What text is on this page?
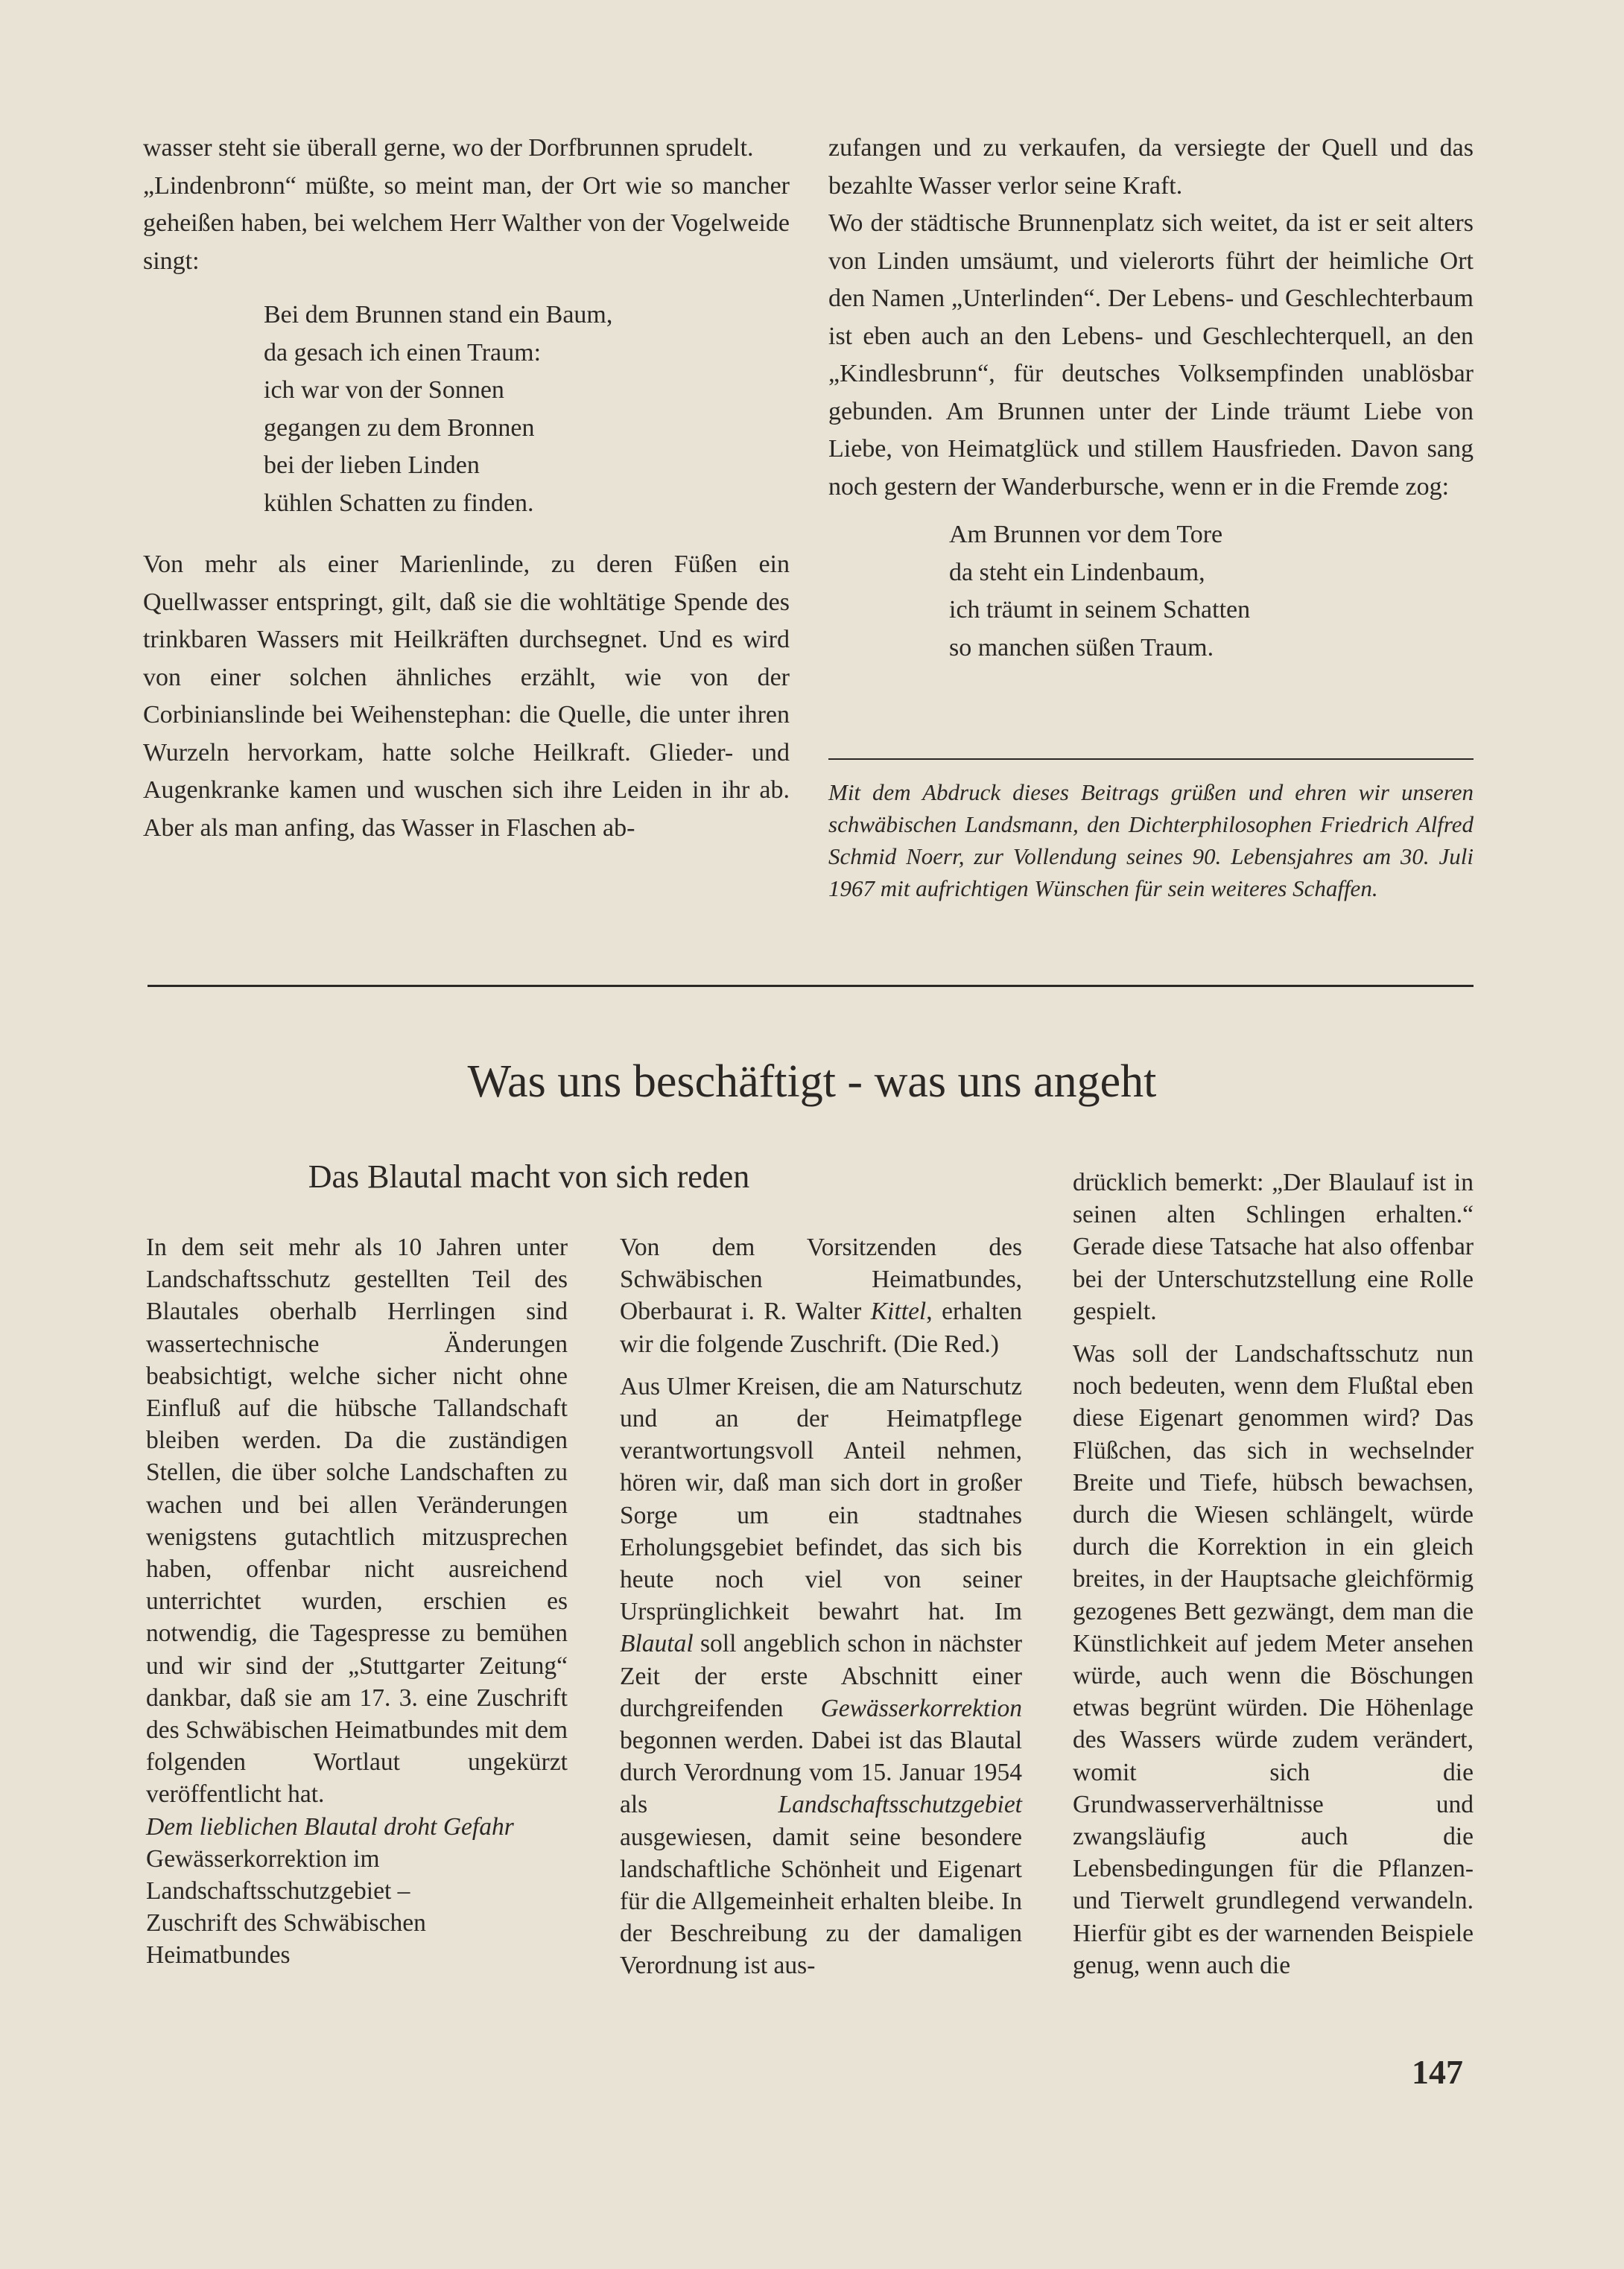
wasser steht sie überall gerne, wo der Dorfbrunnen sprudelt.

„Lindenbronn“ müßte, so meint man, der Ort wie so mancher geheißen haben, bei welchem Herr Walther von der Vogelweide singt:

Bei dem Brunnen stand ein Baum,
da gesach ich einen Traum:
ich war von der Sonnen
gegangen zu dem Bronnen
bei der lieben Linden
kühlen Schatten zu finden.

Von mehr als einer Marienlinde, zu deren Füßen ein Quellwasser entspringt, gilt, daß sie die wohltätige Spende des trinkbaren Wassers mit Heilkräften durchsegnet. Und es wird von einer solchen ähnliches erzählt, wie von der Corbinianslinde bei Weihenstephan: die Quelle, die unter ihren Wurzeln hervorkam, hatte solche Heilkraft. Glieder- und Augenkranke kamen und wuschen sich ihre Leiden in ihr ab. Aber als man anfing, das Wasser in Flaschen ab-

zufangen und zu verkaufen, da versiegte der Quell und das bezahlte Wasser verlor seine Kraft.

Wo der städtische Brunnenplatz sich weitet, da ist er seit alters von Linden umsäumt, und vielerorts führt der heimliche Ort den Namen „Unterlinden“. Der Lebens- und Geschlechterbaum ist eben auch an den Lebens- und Geschlechterquell, an den „Kindlesbrunn“, für deutsches Volksempfinden unablösbar gebunden. Am Brunnen unter der Linde träumt Liebe von Liebe, von Heimatglück und stillem Hausfrieden. Davon sang noch gestern der Wanderbursche, wenn er in die Fremde zog:

Am Brunnen vor dem Tore
da steht ein Lindenbaum,
ich träumt in seinem Schatten
so manchen süßen Traum.
Mit dem Abdruck dieses Beitrags grüßen und ehren wir unseren schwäbischen Landsmann, den Dichterphilosophen Friedrich Alfred Schmid Noerr, zur Vollendung seines 90. Lebensjahres am 30. Juli 1967 mit aufrichtigen Wünschen für sein weiteres Schaffen.
Was uns beschäftigt - was uns angeht
Das Blautal macht von sich reden

In dem seit mehr als 10 Jahren unter Landschaftsschutz gestellten Teil des Blautales oberhalb Herrlingen sind wassertechnische Änderungen beabsichtigt, welche sicher nicht ohne Einfluß auf die hübsche Tallandschaft bleiben werden. Da die zuständigen Stellen, die über solche Landschaften zu wachen und bei allen Veränderungen wenigstens gutachtlich mitzusprechen haben, offenbar nicht ausreichend unterrichtet wurden, erschien es notwendig, die Tagespresse zu bemühen und wir sind der „Stuttgarter Zeitung“ dankbar, daß sie am 17. 3. eine Zuschrift des Schwäbischen Heimatbundes mit dem folgenden Wortlaut ungekürzt veröffentlicht hat.

Dem lieblichen Blautal droht Gefahr

Gewässerkorrektion im
Landschaftsschutzgebiet –
Zuschrift des Schwäbischen
Heimatbundes

Von dem Vorsitzenden des Schwäbischen Heimatbundes, Oberbaurat i. R. Walter Kittel, erhalten wir die folgende Zuschrift. (Die Red.)

Aus Ulmer Kreisen, die am Naturschutz und an der Heimatpflege verantwortungsvoll Anteil nehmen, hören wir, daß man sich dort in großer Sorge um ein stadtnahes Erholungsgebiet befindet, das sich bis heute noch viel von seiner Ursprünglichkeit bewahrt hat. Im Blautal soll angeblich schon in nächster Zeit der erste Abschnitt einer durchgreifenden Gewässerkorrektion begonnen werden. Dabei ist das Blautal durch Verordnung vom 15. Januar 1954 als Landschaftsschutzgebiet ausgewiesen, damit seine besondere landschaftliche Schönheit und Eigenart für die Allgemeinheit erhalten bleibe. In der Beschreibung zu der damaligen Verordnung ist aus-

drücklich bemerkt: „Der Blaulauf ist in seinen alten Schlingen erhalten.“ Gerade diese Tatsache hat also offenbar bei der Unterschutzstellung eine Rolle gespielt.

Was soll der Landschaftsschutz nun noch bedeuten, wenn dem Flußtal eben diese Eigenart genommen wird? Das Flüßchen, das sich in wechselnder Breite und Tiefe, hübsch bewachsen, durch die Wiesen schlängelt, würde durch die Korrektion in ein gleich breites, in der Hauptsache gleichförmig gezogenes Bett gezwängt, dem man die Künstlichkeit auf jedem Meter ansehen würde, auch wenn die Böschungen etwas begrünt würden. Die Höhenlage des Wassers würde zudem verändert, womit sich die Grundwasserverhältnisse und zwangsläufig auch die Lebensbedingungen für die Pflanzen- und Tierwelt grundlegend verwandeln. Hierfür gibt es der warnenden Beispiele genug, wenn auch die

147
